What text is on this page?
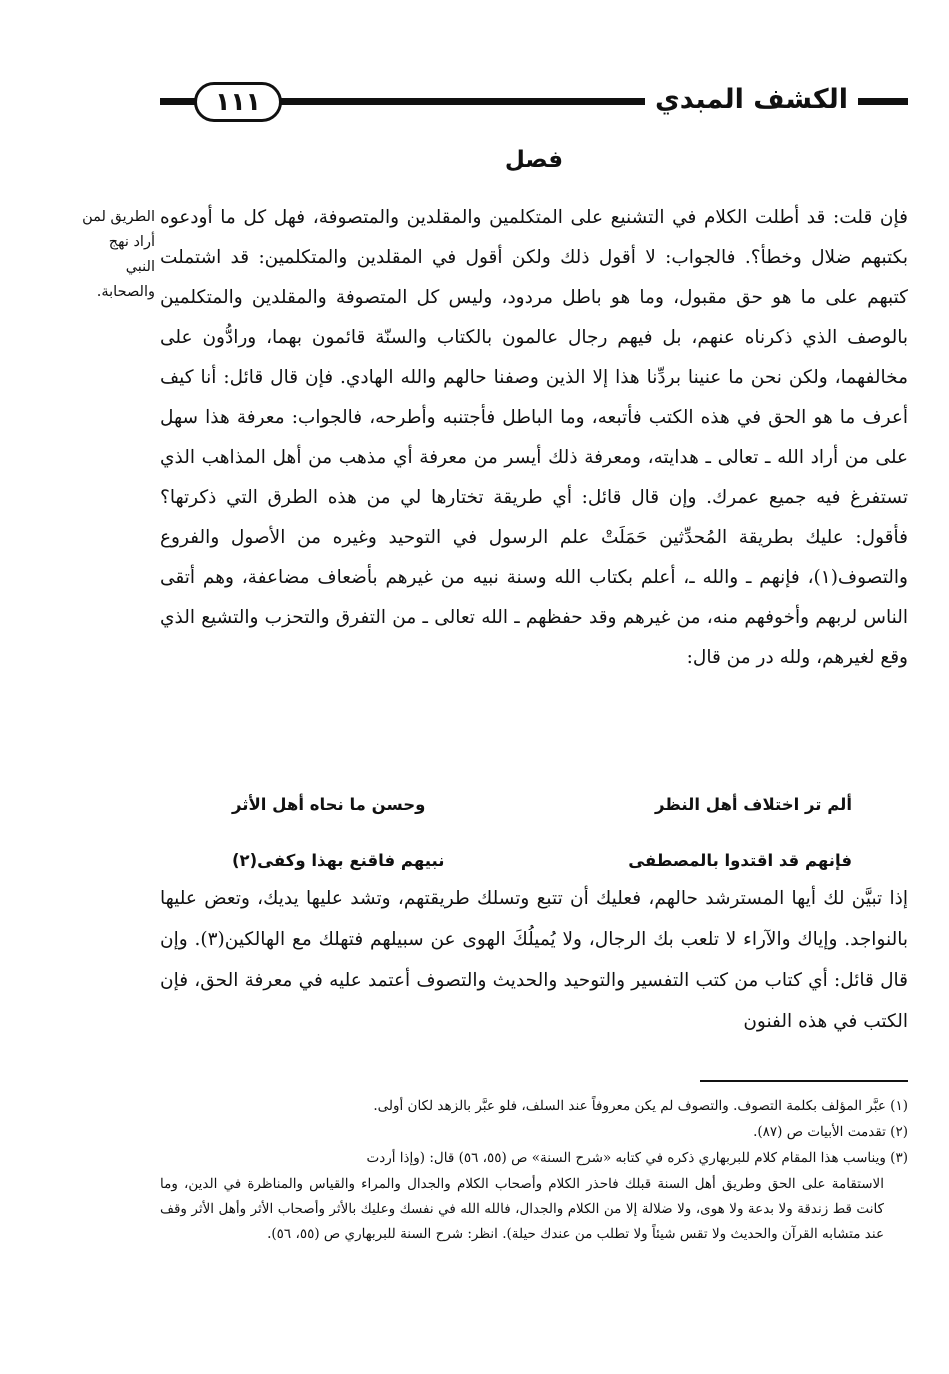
الكشف المبدي
١١١
فصل

الطريق لمن

أراد نهج

النبي

والصحابة.

فإن قلت: قد أطلت الكلام في التشنيع على المتكلمين والمقلدين والمتصوفة، فهل كل ما أودعوه بكتبهم ضلال وخطأ؟. فالجواب: لا أقول ذلك ولكن أقول في المقلدين والمتكلمين: قد اشتملت كتبهم على ما هو حق مقبول، وما هو باطل مردود، وليس كل المتصوفة والمقلدين والمتكلمين بالوصف الذي ذكرناه عنهم، بل فيهم رجال عالمون بالكتاب والسنّة قائمون بهما، ورادُّون على مخالفهما، ولكن نحن ما عنينا بردِّنا هذا إلا الذين وصفنا حالهم والله الهادي. فإن قال قائل: أنا كيف أعرف ما هو الحق في هذه الكتب فأتبعه، وما الباطل فأجتنبه وأطرحه، فالجواب: معرفة هذا سهل على من أراد الله ـ تعالى ـ هدايته، ومعرفة ذلك أيسر من معرفة أي مذهب من أهل المذاهب الذي تستفرغ فيه جميع عمرك. وإن قال قائل: أي طريقة تختارها لي من هذه الطرق التي ذكرتها؟ فأقول: عليك بطريقة المُحدِّثين حَمَلَتْ علم الرسول في التوحيد وغيره من الأصول والفروع والتصوف(١)، فإنهم ـ والله ـ، أعلم بكتاب الله وسنة نبيه من غيرهم بأضعاف مضاعفة، وهم أتقى الناس لربهم وأخوفهم منه، من غيرهم وقد حفظهم ـ الله تعالى ـ من التفرق والتحزب والتشيع الذي وقع لغيرهم، ولله در من قال:

ألم تر اختلاف أهل النظر
وحسن ما نحاه أهل الأثر
فإنهم قد اقتدوا بالمصطفى
نبيهم فاقنع بهذا وكفى(٢)

إذا تبيَّن لك أيها المسترشد حالهم، فعليك أن تتبع وتسلك طريقتهم، وتشد عليها يديك، وتعض عليها بالنواجد. وإياك والآراء لا تلعب بك الرجال، ولا يُميلُكَ الهوى عن سبيلهم فتهلك مع الهالكين(٣). وإن قال قائل: أي كتاب من كتب التفسير والتوحيد والحديث والتصوف أعتمد عليه في معرفة الحق، فإن الكتب في هذه الفنون

(١) عبَّر المؤلف بكلمة التصوف. والتصوف لم يكن معروفاً عند السلف، فلو عبَّر بالزهد لكان أولى.

(٢) تقدمت الأبيات ص (٨٧).

(٣) ويناسب هذا المقام كلام للبربهاري ذكره في كتابه «شرح السنة» ص (٥٥، ٥٦) قال: (وإذا أردت

الاستقامة على الحق وطريق أهل السنة قبلك فاحذر الكلام وأصحاب الكلام والجدال والمراء والقياس والمناظرة في الدين، وما كانت قط زندقة ولا بدعة ولا هوى، ولا ضلالة إلا من الكلام والجدال، فالله الله في نفسك وعليك بالأثر وأصحاب الأثر وأهل الأثر وقف عند متشابه القرآن والحديث ولا تقس شيئاً ولا تطلب من عندك حيلة). انظر: شرح السنة للبربهاري ص (٥٥، ٥٦).
